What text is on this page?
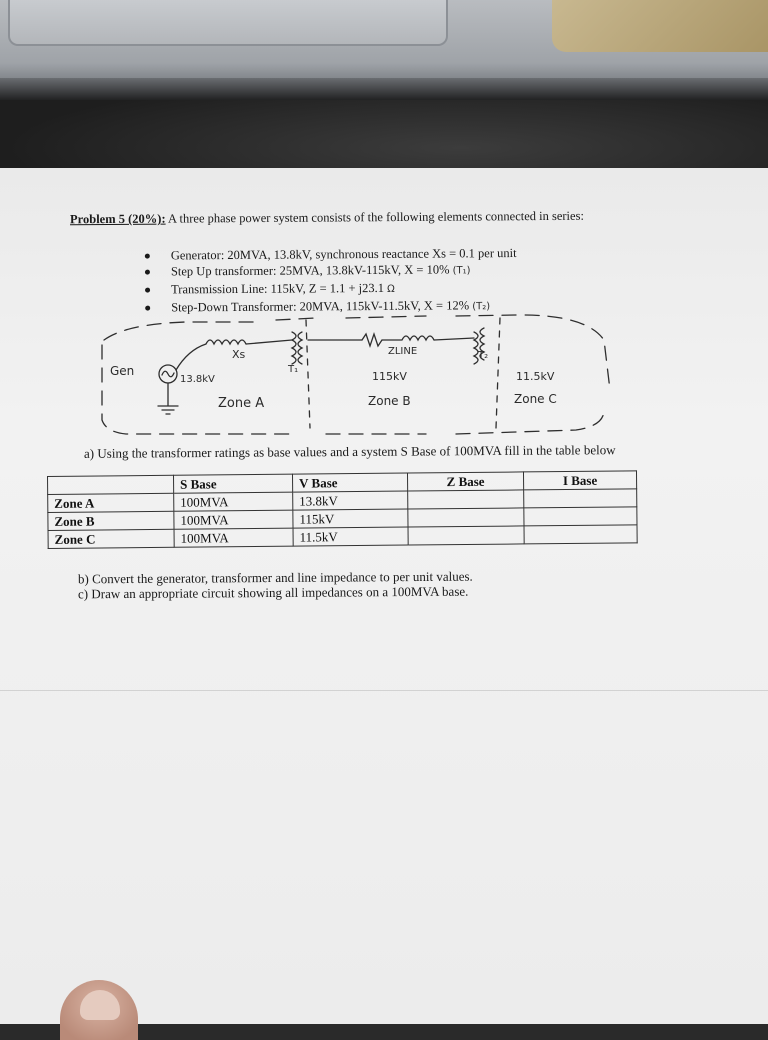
Problem 5 (20%): A three phase power system consists of the following elements connected in series:
Generator: 20MVA, 13.8kV, synchronous reactance Xs = 0.1 per unit
Step Up transformer: 25MVA, 13.8kV-115kV, X = 10% (T₁)
Transmission Line: 115kV, Z = 1.1 + j23.1 Ω
Step-Down Transformer: 20MVA, 115kV-11.5kV, X = 12% (T₂)
Gen
Xs
13.8kV
Zone A
T₁
ZLINE
115kV
Zone B
T₂
11.5kV
Zone C
a) Using the transformer ratings as base values and a system S Base of 100MVA fill in the table below
	S Base	V Base	Z Base	I Base
Zone A	100MVA	13.8kV		
Zone B	100MVA	115kV		
Zone C	100MVA	11.5kV		
b) Convert the generator, transformer and line impedance to per unit values.
c) Draw an appropriate circuit showing all impedances on a 100MVA base.
